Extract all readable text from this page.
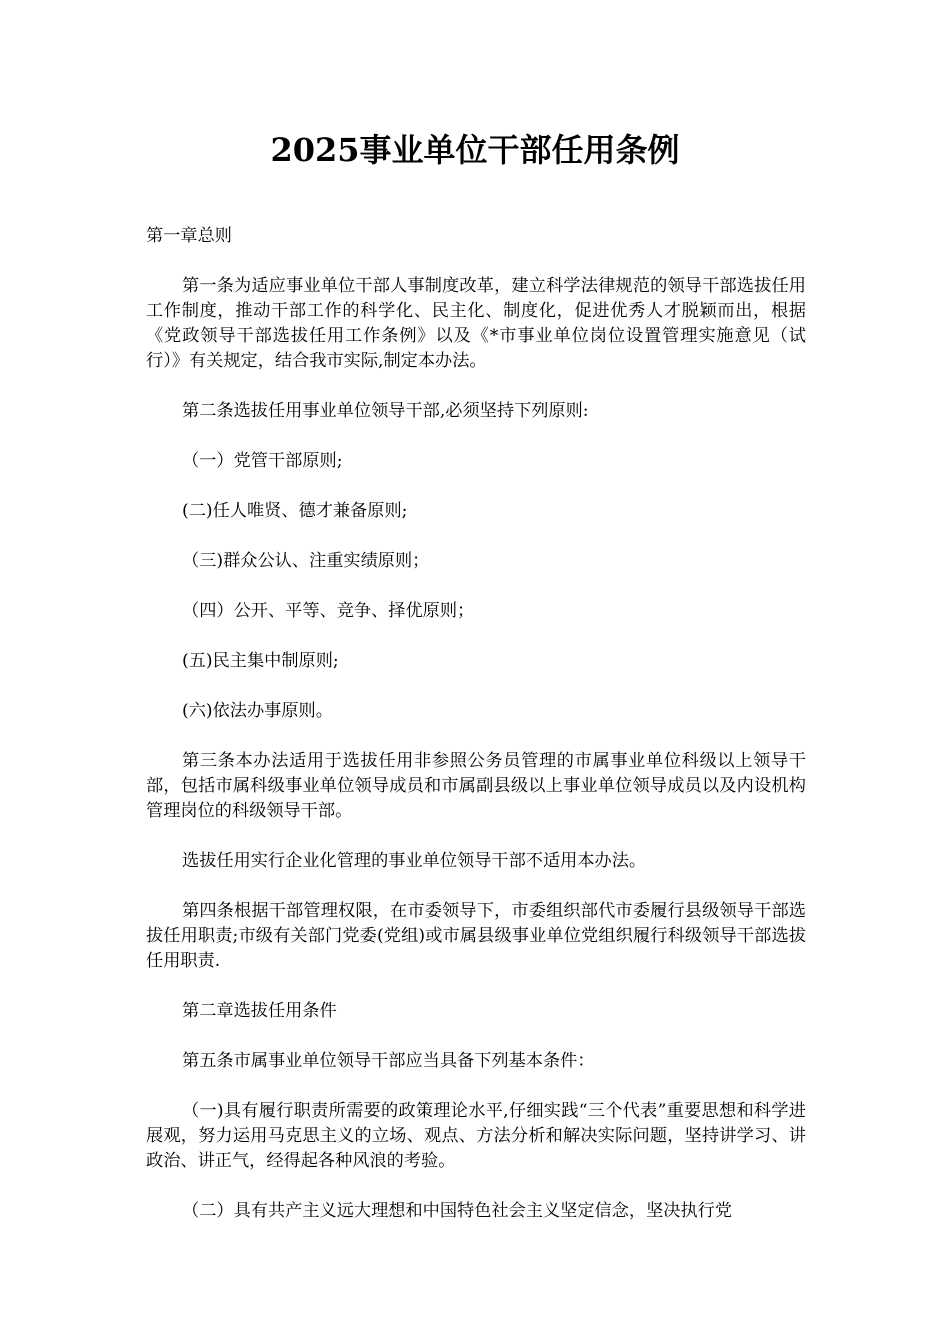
2025事业单位干部任用条例

第一章总则

第一条为适应事业单位干部人事制度改革，建立科学法律规范的领导干部选拔任用工作制度，推动干部工作的科学化、民主化、制度化，促进优秀人才脱颖而出，根据《党政领导干部选拔任用工作条例》以及《*市事业单位岗位设置管理实施意见（试行）》有关规定，结合我市实际,制定本办法。

第二条选拔任用事业单位领导干部,必须坚持下列原则:

（一）党管干部原则;

(二)任人唯贤、德才兼备原则;

（三)群众公认、注重实绩原则；

（四）公开、平等、竞争、择优原则；

(五)民主集中制原则;

(六)依法办事原则。

第三条本办法适用于选拔任用非参照公务员管理的市属事业单位科级以上领导干部，包括市属科级事业单位领导成员和市属副县级以上事业单位领导成员以及内设机构管理岗位的科级领导干部。

选拔任用实行企业化管理的事业单位领导干部不适用本办法。

第四条根据干部管理权限，在市委领导下，市委组织部代市委履行县级领导干部选拔任用职责;市级有关部门党委(党组)或市属县级事业单位党组织履行科级领导干部选拔任用职责.

第二章选拔任用条件

第五条市属事业单位领导干部应当具备下列基本条件：

（一)具有履行职责所需要的政策理论水平,仔细实践“三个代表”重要思想和科学进展观，努力运用马克思主义的立场、观点、方法分析和解决实际问题，坚持讲学习、讲政治、讲正气，经得起各种风浪的考验。

（二）具有共产主义远大理想和中国特色社会主义坚定信念，坚决执行党
